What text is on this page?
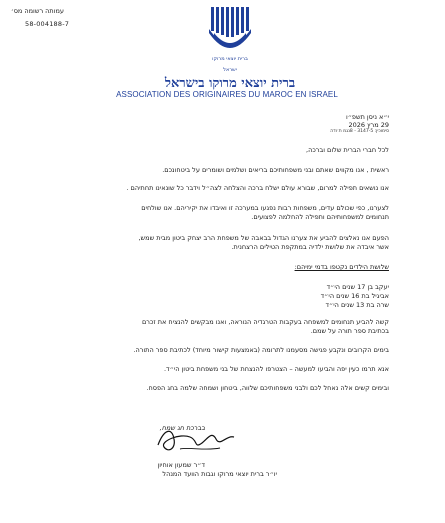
עמותה רשומה מס׳
58-004188-7
ברית יוצאי מרוקו
ישראל
ברית יוצאי מרוקו בישראל
ASSOCIATION DES ORIGINAIRES DU MAROC EN ISRAEL
י״א ניסן תשפ״ו
29 מרץ 2026
סימוכין: 3147-5 - 8נגמ ת׳ודה
לכל חברי הברית שלום וברכה,
ראשית , אנו מקווים שאתם ובני משפחותיכם בריאים ושלמים ושומרים על ביטחונכם.
אנו נושאים תפילה למרום, שבורא עולם ישלח ברכה והצלחה לצה״ל וידבר כל שונאינו תחתיהם .
לצערנו, כפי שכולם עדים, משפחות רבות נפגעו במערכה זו ואיבדו את יקיריהם. אנו שולחים
תנחומים למשפחותיהם ותפילה להחלמה לפצועים.
הפעם אנו נאלצים להביע את צערנו הגדול בבאבה של משפחת הרב יצחק ביטון מבית שמש,
אשר איבדה את שלושת ילדיה במתקפת הטילים הרצחנית.
שלושת הילדים נקטפו בדמי ימיהם:
יעקב בן 17 שנים הי״ד
אביגיל בת 16 שנים הי״ד
שרה בת 13 שנים הי״ד
קשה להביע תנחומים למשפחה בעקבות הטרגדיה הנוראה, ואנו מבקשים להנציח את זכרם
בכתיבת ספר תורה על שמם.
בימים הקרובים ונקבע פגישה מסעמנו לתרומה (באמצעות קישור מיוחד) לכתיבת ספר התורה.
אנא תרמו כעין יפה והביעו למעשה – הצטרפו להנצחת של בני משפחת ביטון הי״ד.
ובימים קשים אלה נאחל לכם ולבני משפחותיכם שלווה, ביטחון ושמחה שלמה בחג הפסח.
בברכת חג שמח,
ד״ר שמעון אוחיון
יו״ר ברית יוצאי מרוקו וגבות הוועד המנהל
